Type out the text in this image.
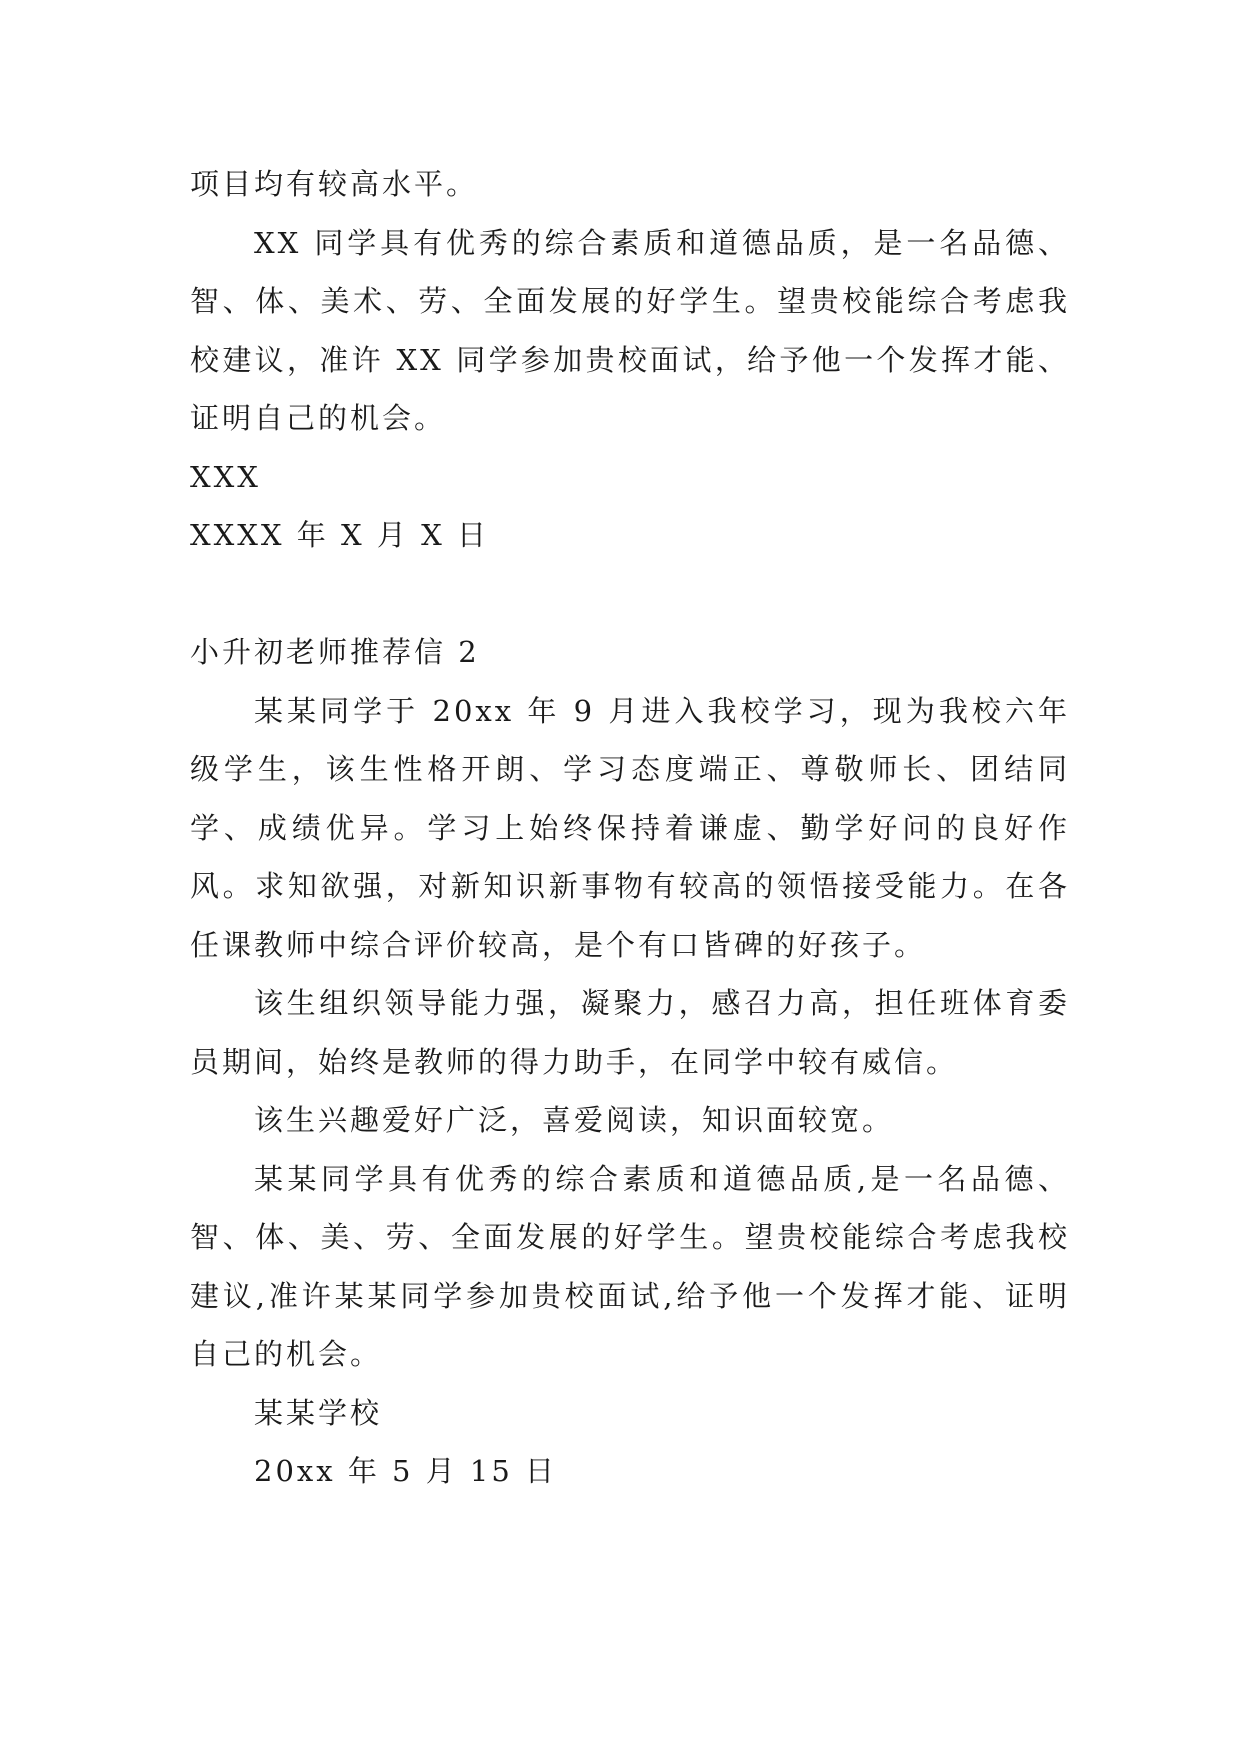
项目均有较高水平。

XX 同学具有优秀的综合素质和道德品质，是一名品德、智、体、美术、劳、全面发展的好学生。望贵校能综合考虑我校建议，准许 XX 同学参加贵校面试，给予他一个发挥才能、证明自己的机会。

XXX

XXXX 年 X 月 X 日

小升初老师推荐信 2

某某同学于 20xx 年 9 月进入我校学习，现为我校六年级学生，该生性格开朗、学习态度端正、尊敬师长、团结同学、成绩优异。学习上始终保持着谦虚、勤学好问的良好作风。求知欲强，对新知识新事物有较高的领悟接受能力。在各任课教师中综合评价较高，是个有口皆碑的好孩子。

该生组织领导能力强，凝聚力，感召力高，担任班体育委员期间，始终是教师的得力助手，在同学中较有威信。

该生兴趣爱好广泛，喜爱阅读，知识面较宽。

某某同学具有优秀的综合素质和道德品质,是一名品德、智、体、美、劳、全面发展的好学生。望贵校能综合考虑我校建议,准许某某同学参加贵校面试,给予他一个发挥才能、证明自己的机会。

某某学校

20xx 年 5 月 15 日
